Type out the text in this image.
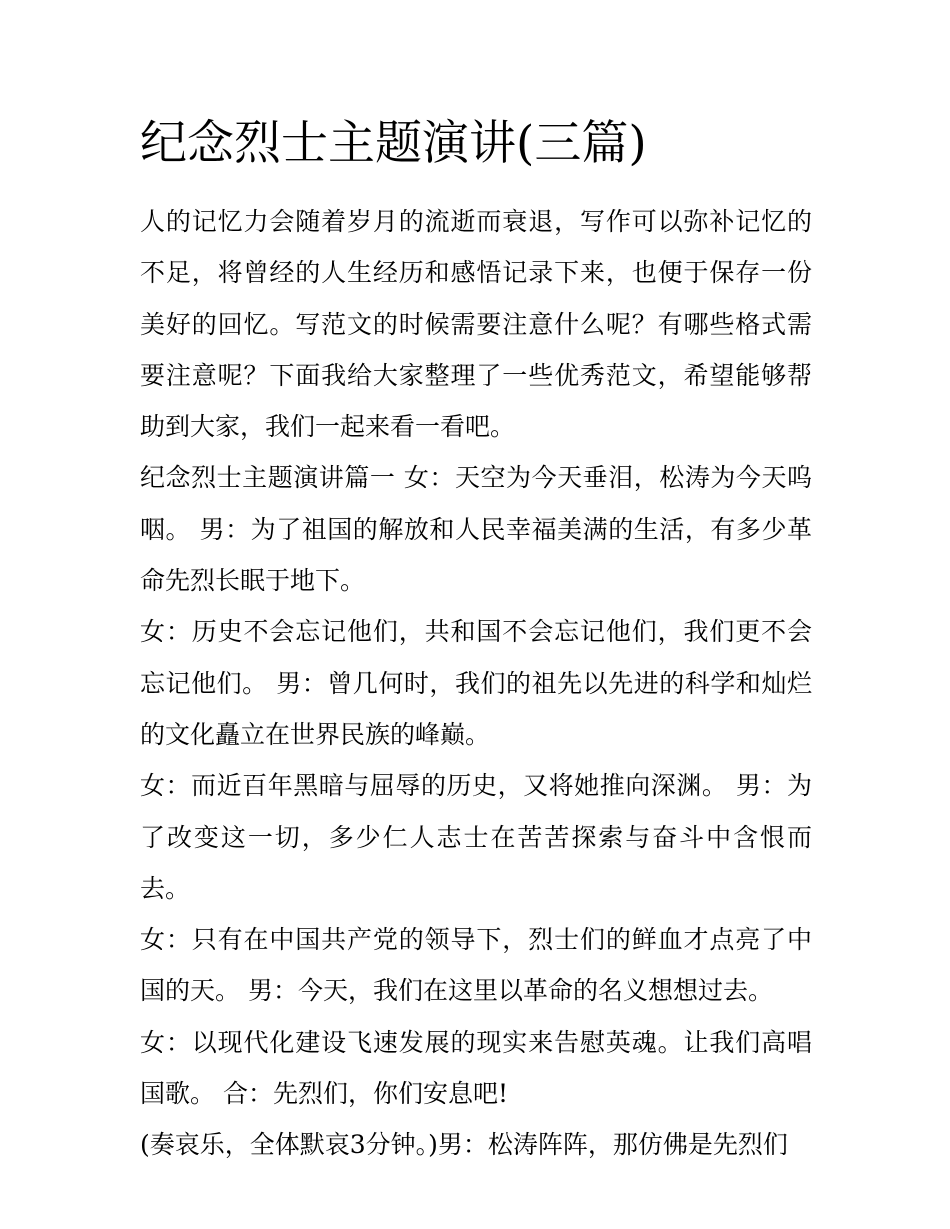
纪念烈士主题演讲(三篇)

人的记忆力会随着岁月的流逝而衰退，写作可以弥补记忆的不足，将曾经的人生经历和感悟记录下来，也便于保存一份美好的回忆。写范文的时候需要注意什么呢？有哪些格式需要注意呢？下面我给大家整理了一些优秀范文，希望能够帮助到大家，我们一起来看一看吧。

纪念烈士主题演讲篇一 女：天空为今天垂泪，松涛为今天呜咽。 男：为了祖国的解放和人民幸福美满的生活，有多少革命先烈长眠于地下。

女：历史不会忘记他们，共和国不会忘记他们，我们更不会忘记他们。 男：曾几何时，我们的祖先以先进的科学和灿烂的文化矗立在世界民族的峰巅。

女：而近百年黑暗与屈辱的历史，又将她推向深渊。 男：为了改变这一切，多少仁人志士在苦苦探索与奋斗中含恨而去。

女：只有在中国共产党的领导下，烈士们的鲜血才点亮了中国的天。 男：今天，我们在这里以革命的名义想想过去。

女：以现代化建设飞速发展的现实来告慰英魂。让我们高唱国歌。 合：先烈们，你们安息吧!

(奏哀乐，全体默哀3分钟。)男：松涛阵阵，那仿佛是先烈们
